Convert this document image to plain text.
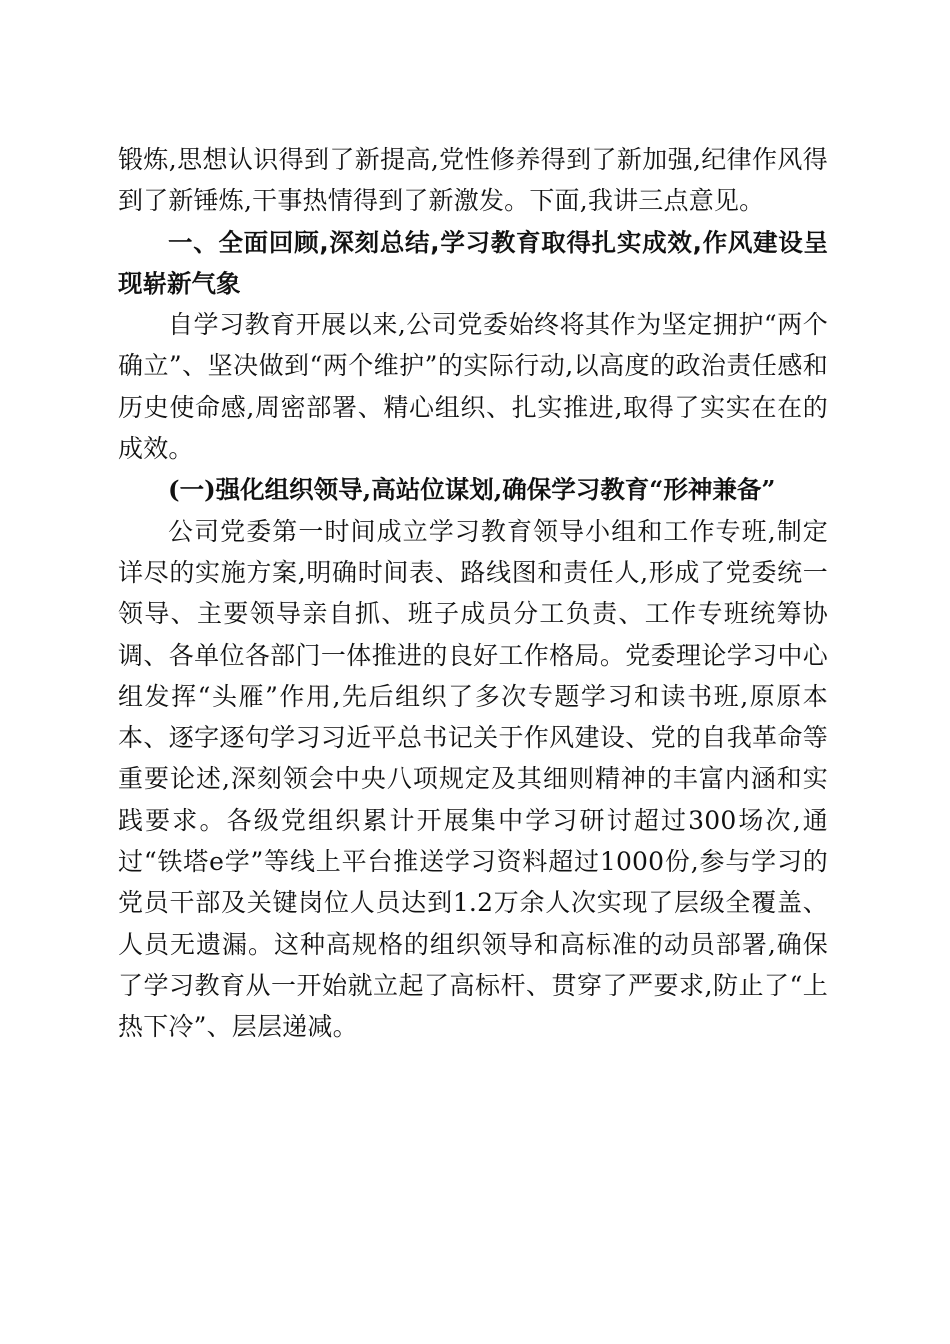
锻炼,思想认识得到了新提高,党性修养得到了新加强,纪律作风得到了新锤炼,干事热情得到了新激发。下面,我讲三点意见。

一、全面回顾,深刻总结,学习教育取得扎实成效,作风建设呈现崭新气象

自学习教育开展以来,公司党委始终将其作为坚定拥护“两个确立”、坚决做到“两个维护”的实际行动,以高度的政治责任感和历史使命感,周密部署、精心组织、扎实推进,取得了实实在在的成效。

(一)强化组织领导,高站位谋划,确保学习教育“形神兼备”

公司党委第一时间成立学习教育领导小组和工作专班,制定详尽的实施方案,明确时间表、路线图和责任人,形成了党委统一领导、主要领导亲自抓、班子成员分工负责、工作专班统筹协调、各单位各部门一体推进的良好工作格局。党委理论学习中心组发挥“头雁”作用,先后组织了多次专题学习和读书班,原原本本、逐字逐句学习习近平总书记关于作风建设、党的自我革命等重要论述,深刻领会中央八项规定及其细则精神的丰富内涵和实践要求。各级党组织累计开展集中学习研讨超过300场次,通过“铁塔e学”等线上平台推送学习资料超过1000份,参与学习的党员干部及关键岗位人员达到1.2万余人次实现了层级全覆盖、人员无遗漏。这种高规格的组织领导和高标准的动员部署,确保了学习教育从一开始就立起了高标杆、贯穿了严要求,防止了“上热下冷”、层层递减。
